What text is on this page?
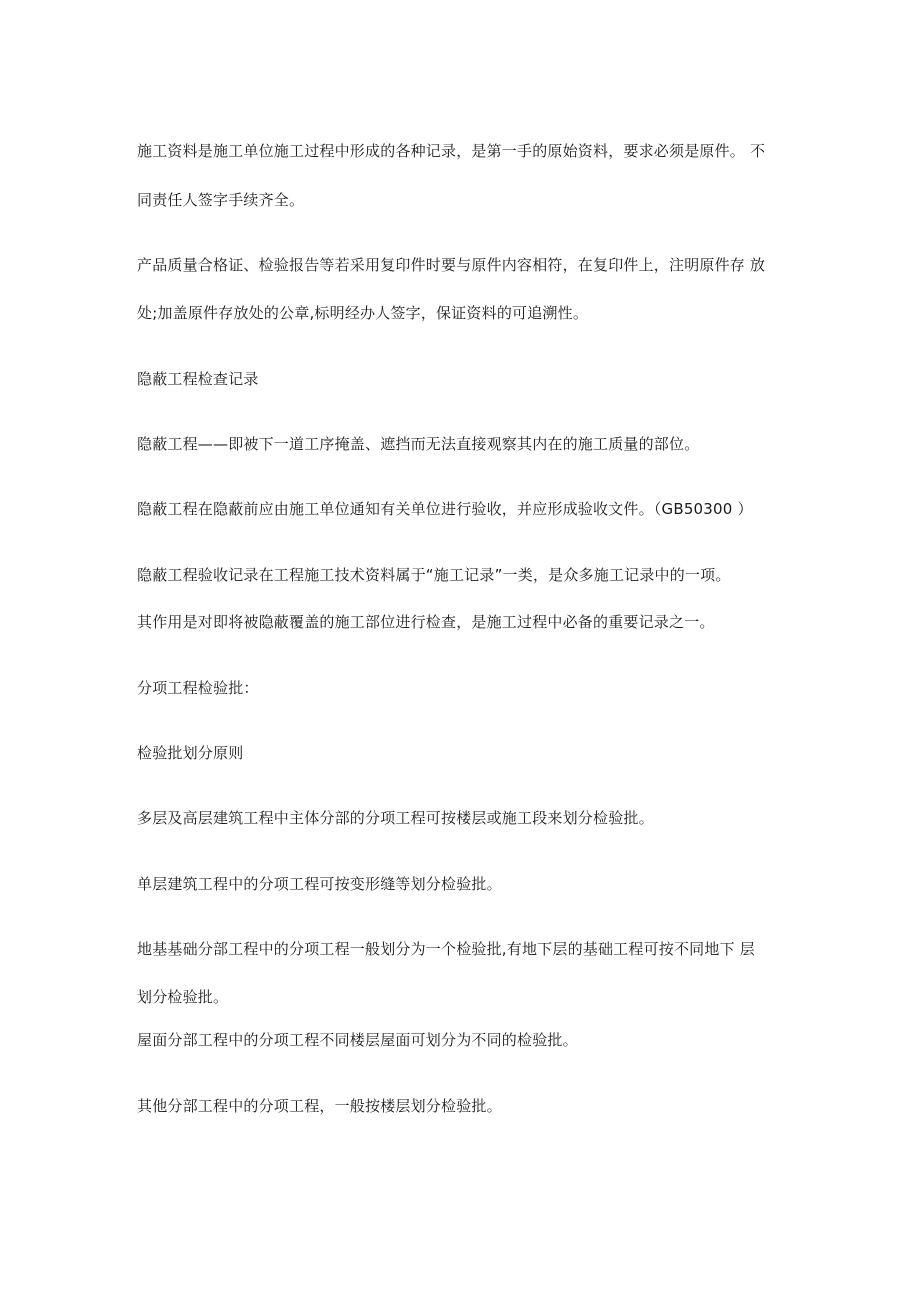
施工资料是施工单位施工过程中形成的各种记录，是第一手的原始资料，要求必须是原件。 不
同责任人签字手续齐全。
产品质量合格证、检验报告等若采用复印件时要与原件内容相符，在复印件上，注明原件存 放
处;加盖原件存放处的公章,标明经办人签字，保证资料的可追溯性。
隐蔽工程检查记录
隐蔽工程——即被下一道工序掩盖、遮挡而无法直接观察其内在的施工质量的部位。
隐蔽工程在隐蔽前应由施工单位通知有关单位进行验收，并应形成验收文件。（GB50300 ）
隐蔽工程验收记录在工程施工技术资料属于“施工记录”一类，是众多施工记录中的一项。
其作用是对即将被隐蔽覆盖的施工部位进行检查，是施工过程中必备的重要记录之一。
分项工程检验批：
检验批划分原则
多层及高层建筑工程中主体分部的分项工程可按楼层或施工段来划分检验批。
单层建筑工程中的分项工程可按变形缝等划分检验批。
地基基础分部工程中的分项工程一般划分为一个检验批,有地下层的基础工程可按不同地下 层
划分检验批。
屋面分部工程中的分项工程不同楼层屋面可划分为不同的检验批。
其他分部工程中的分项工程，一般按楼层划分检验批。
